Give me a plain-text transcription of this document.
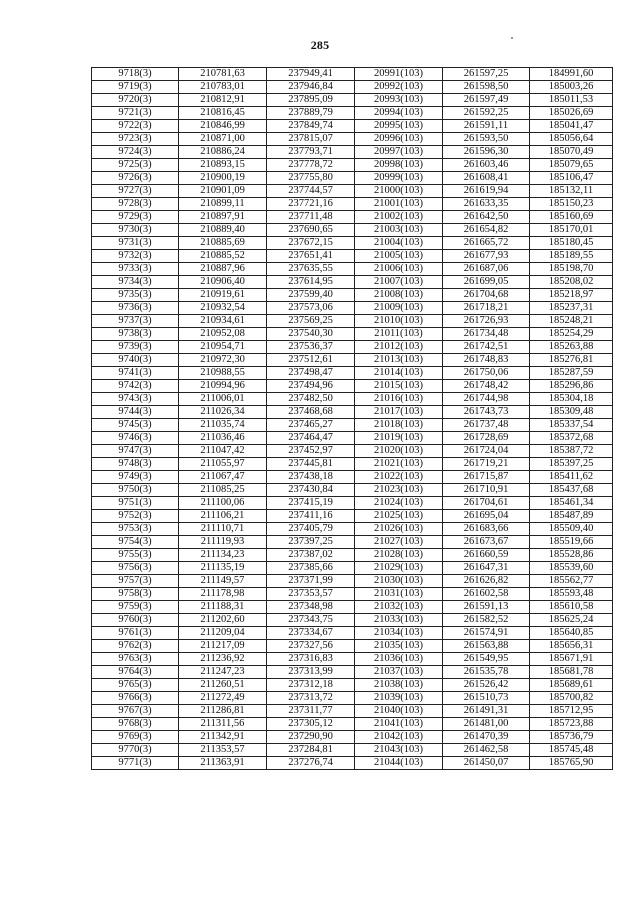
285
9718(3)	210781,63	237949,41	20991(103)	261597,25	184991,60
9719(3)	210783,01	237946,84	20992(103)	261598,50	185003,26
9720(3)	210812,91	237895,09	20993(103)	261597,49	185011,53
9721(3)	210816,45	237889,79	20994(103)	261592,25	185026,69
9722(3)	210846,99	237849,74	20995(103)	261591,11	185041,47
9723(3)	210871,00	237815,07	20996(103)	261593,50	185056,64
9724(3)	210886,24	237793,71	20997(103)	261596,30	185070,49
9725(3)	210893,15	237778,72	20998(103)	261603,46	185079,65
9726(3)	210900,19	237755,80	20999(103)	261608,41	185106,47
9727(3)	210901,09	237744,57	21000(103)	261619,94	185132,11
9728(3)	210899,11	237721,16	21001(103)	261633,35	185150,23
9729(3)	210897,91	237711,48	21002(103)	261642,50	185160,69
9730(3)	210889,40	237690,65	21003(103)	261654,82	185170,01
9731(3)	210885,69	237672,15	21004(103)	261665,72	185180,45
9732(3)	210885,52	237651,41	21005(103)	261677,93	185189,55
9733(3)	210887,96	237635,55	21006(103)	261687,06	185198,70
9734(3)	210906,40	237614,95	21007(103)	261699,05	185208,02
9735(3)	210919,61	237599,40	21008(103)	261704,68	185218,97
9736(3)	210932,54	237573,06	21009(103)	261718,21	185237,31
9737(3)	210934,61	237569,25	21010(103)	261726,93	185248,21
9738(3)	210952,08	237540,30	21011(103)	261734,48	185254,29
9739(3)	210954,71	237536,37	21012(103)	261742,51	185263,88
9740(3)	210972,30	237512,61	21013(103)	261748,83	185276,81
9741(3)	210988,55	237498,47	21014(103)	261750,06	185287,59
9742(3)	210994,96	237494,96	21015(103)	261748,42	185296,86
9743(3)	211006,01	237482,50	21016(103)	261744,98	185304,18
9744(3)	211026,34	237468,68	21017(103)	261743,73	185309,48
9745(3)	211035,74	237465,27	21018(103)	261737,48	185337,54
9746(3)	211036,46	237464,47	21019(103)	261728,69	185372,68
9747(3)	211047,42	237452,97	21020(103)	261724,04	185387,72
9748(3)	211055,97	237445,81	21021(103)	261719,21	185397,25
9749(3)	211067,47	237438,18	21022(103)	261715,87	185411,62
9750(3)	211085,25	237430,84	21023(103)	261710,91	185437,68
9751(3)	211100,06	237415,19	21024(103)	261704,61	185461,34
9752(3)	211106,21	237411,16	21025(103)	261695,04	185487,89
9753(3)	211110,71	237405,79	21026(103)	261683,66	185509,40
9754(3)	211119,93	237397,25	21027(103)	261673,67	185519,66
9755(3)	211134,23	237387,02	21028(103)	261660,59	185528,86
9756(3)	211135,19	237385,66	21029(103)	261647,31	185539,60
9757(3)	211149,57	237371,99	21030(103)	261626,82	185562,77
9758(3)	211178,98	237353,57	21031(103)	261602,58	185593,48
9759(3)	211188,31	237348,98	21032(103)	261591,13	185610,58
9760(3)	211202,60	237343,75	21033(103)	261582,52	185625,24
9761(3)	211209,04	237334,67	21034(103)	261574,91	185640,85
9762(3)	211217,09	237327,56	21035(103)	261563,88	185656,31
9763(3)	211236,92	237316,83	21036(103)	261549,95	185671,91
9764(3)	211247,23	237313,99	21037(103)	261535,78	185681,78
9765(3)	211260,51	237312,18	21038(103)	261526,42	185689,61
9766(3)	211272,49	237313,72	21039(103)	261510,73	185700,82
9767(3)	211286,81	237311,77	21040(103)	261491,31	185712,95
9768(3)	211311,56	237305,12	21041(103)	261481,00	185723,88
9769(3)	211342,91	237290,90	21042(103)	261470,39	185736,79
9770(3)	211353,57	237284,81	21043(103)	261462,58	185745,48
9771(3)	211363,91	237276,74	21044(103)	261450,07	185765,90
